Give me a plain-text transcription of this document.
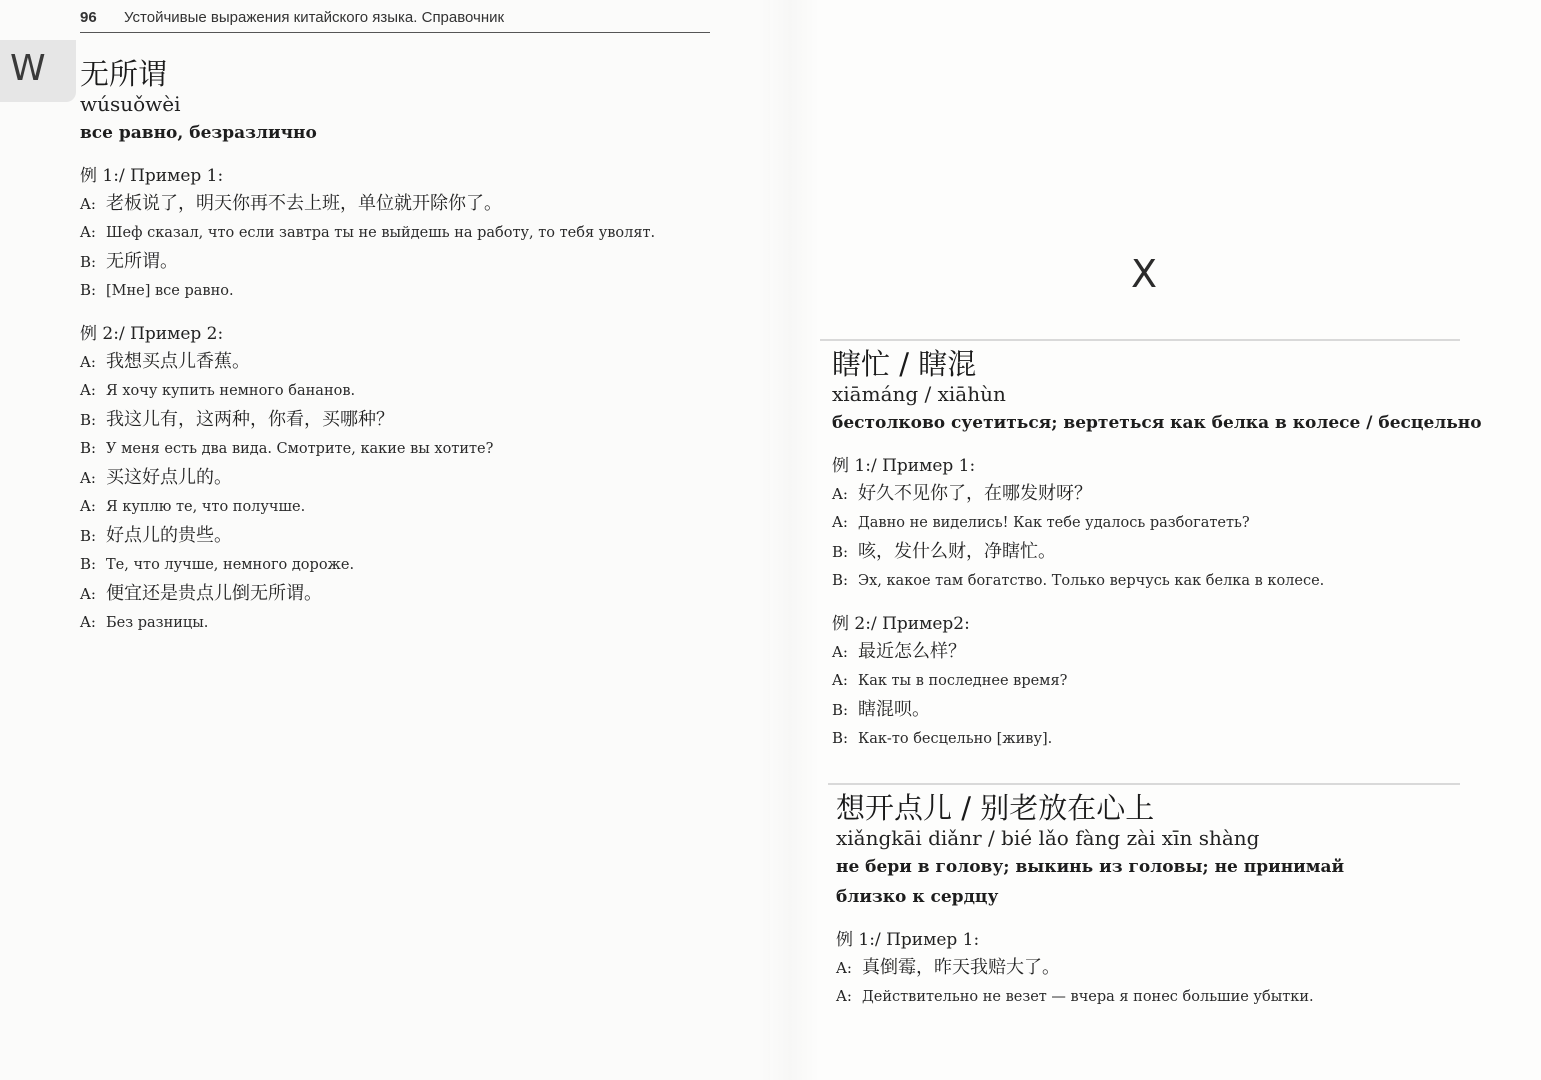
96 Устойчивые выражения китайского языка. Справочник
W 无所谓
wúsuǒwèi
все равно, безразлично
例 1:/ Пример 1:
A: 老板说了，明天你再不去上班，单位就开除你了。
A: Шеф сказал, что если завтра ты не выйдешь на работу, то тебя уволят.
B: 无所谓。
B: [Мне] все равно.
例 2:/ Пример 2:
A: 我想买点儿香蕉。
A: Я хочу купить немного бананов.
B: 我这儿有，这两种，你看，买哪种？
B: У меня есть два вида. Смотрите, какие вы хотите?
A: 买这好点儿的。
A: Я куплю те, что получше.
B: 好点儿的贵些。
B: Те, что лучше, немного дороже.
A: 便宜还是贵点儿倒无所谓。
A: Без разницы.
X
瞎忙 / 瞎混
xiāmáng / xiāhùn
бестолково суетиться; вертеться как белка в колесе / бесцельно
例 1:/ Пример 1:
A: 好久不见你了，在哪发财呀？
A: Давно не виделись! Как тебе удалось разбогатеть?
B: 咳，发什么财，净瞎忙。
B: Эх, какое там богатство. Только верчусь как белка в колесе.
例 2:/ Пример2:
A: 最近怎么样？
A: Как ты в последнее время?
B: 瞎混呗。
B: Как-то бесцельно [живу].
想开点儿 / 别老放在心上
xiǎngkāi diǎnr / bié lǎo fàng zài xīn shàng
не бери в голову; выкинь из головы; не принимай близко к сердцу
例 1:/ Пример 1:
A: 真倒霉，昨天我赔大了。
A: Действительно не везет — вчера я понес большие убытки.
